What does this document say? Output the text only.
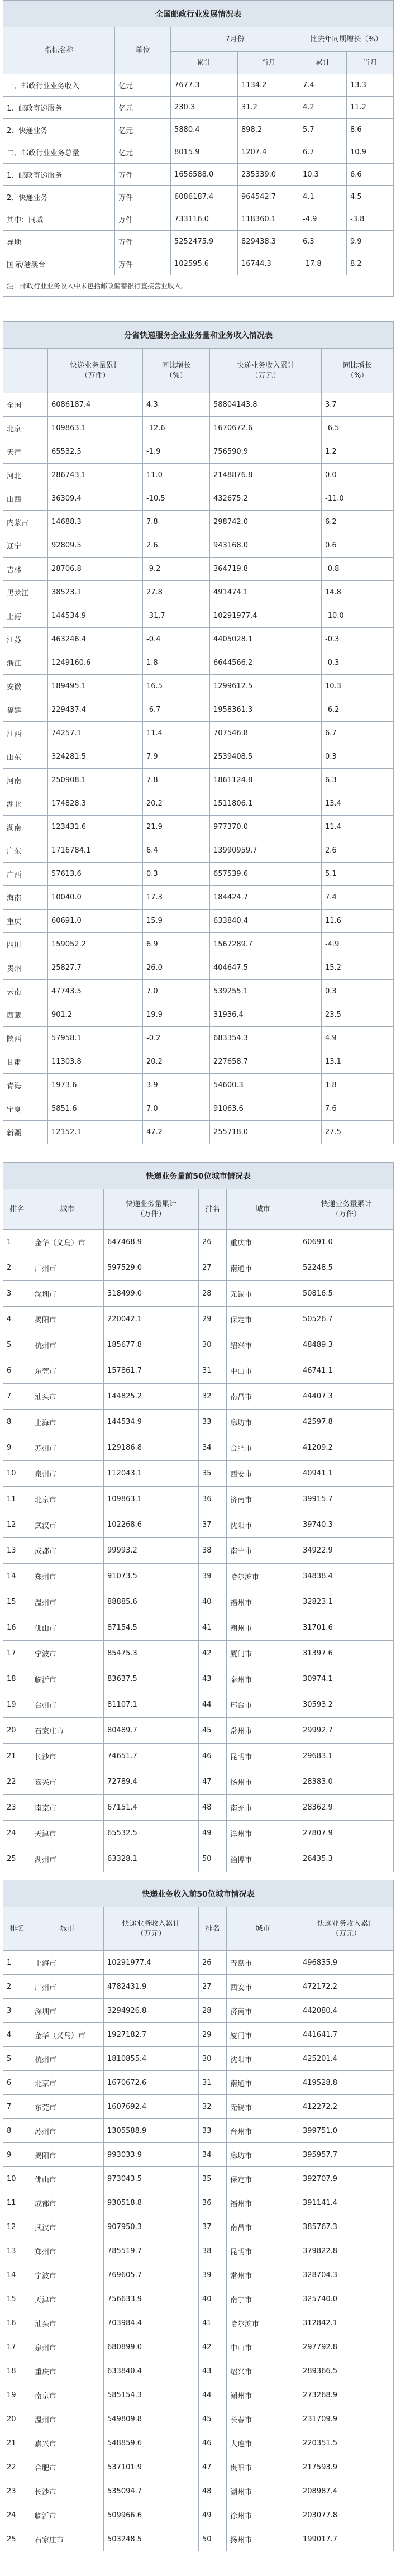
全国邮政行业发展情况表					
指标名称	单位	7月份		比去年同期增长（%）	
		累计	当月	累计	当月
一、邮政行业业务收入	亿元	7677.3	1134.2	7.4	13.3
1、邮政寄递服务	亿元	230.3	31.2	4.2	11.2
2、快递业务	亿元	5880.4	898.2	5.7	8.6
二、邮政行业业务总量	亿元	8015.9	1207.4	6.7	10.9
1、邮政寄递服务	万件	1656588.0	235339.0	10.3	6.6
2、快递业务	万件	6086187.4	964542.7	4.1	4.5
其中：同城	万件	733116.0	118360.1	-4.9	-3.8
异地	万件	5252475.9	829438.3	6.3	9.9
国际/港澳台	万件	102595.6	16744.3	-17.8	8.2
注：邮政行业业务收入中未包括邮政储蓄银行直接营业收入。					
分省快递服务企业业务量和业务收入情况表				
	快递业务量累计
（万件）	同比增长
（%）	快递业务收入累计
（万元）	同比增长
（%）
全国	6086187.4	4.3	58804143.8	3.7
北京	109863.1	-12.6	1670672.6	-6.5
天津	65532.5	-1.9	756590.9	1.2
河北	286743.1	11.0	2148876.8	0.0
山西	36309.4	-10.5	432675.2	-11.0
内蒙古	14688.3	7.8	298742.0	6.2
辽宁	92809.5	2.6	943168.0	0.6
吉林	28706.8	-9.2	364719.8	-0.8
黑龙江	38523.1	27.8	491474.1	14.8
上海	144534.9	-31.7	10291977.4	-10.0
江苏	463246.4	-0.4	4405028.1	-0.3
浙江	1249160.6	1.8	6644566.2	-0.3
安徽	189495.1	16.5	1299612.5	10.3
福建	229437.4	-6.7	1958361.3	-6.2
江西	74257.1	11.4	707546.8	6.7
山东	324281.5	7.9	2539408.5	0.3
河南	250908.1	7.8	1861124.8	6.3
湖北	174828.3	20.2	1511806.1	13.4
湖南	123431.6	21.9	977370.0	11.4
广东	1716784.1	6.4	13990959.7	2.6
广西	57613.6	0.3	657539.6	5.1
海南	10040.0	17.3	184424.7	7.4
重庆	60691.0	15.9	633840.4	11.6
四川	159052.2	6.9	1567289.7	-4.9
贵州	25827.7	26.0	404647.5	15.2
云南	47743.5	7.0	539255.1	0.3
西藏	901.2	19.9	31936.4	23.5
陕西	57958.1	-0.2	683354.3	4.9
甘肃	11303.8	20.2	227658.7	13.1
青海	1973.6	3.9	54600.3	1.8
宁夏	5851.6	7.0	91063.6	7.6
新疆	12152.1	47.2	255718.0	27.5
快递业务量前50位城市情况表					
排名	城市	快递业务量累计
（万件）	排名	城市	快递业务量累计
（万件）
1	金华（义乌）市	647468.9	26	重庆市	60691.0
2	广州市	597529.0	27	南通市	52248.5
3	深圳市	318499.0	28	无锡市	50816.5
4	揭阳市	220042.1	29	保定市	50526.7
5	杭州市	185677.8	30	绍兴市	48489.3
6	东莞市	157861.7	31	中山市	46741.1
7	汕头市	144825.2	32	南昌市	44407.3
8	上海市	144534.9	33	廊坊市	42597.8
9	苏州市	129186.8	34	合肥市	41209.2
10	泉州市	112043.1	35	西安市	40941.1
11	北京市	109863.1	36	济南市	39915.7
12	武汉市	102268.6	37	沈阳市	39740.3
13	成都市	99993.2	38	南宁市	34922.9
14	郑州市	91073.5	39	哈尔滨市	34838.4
15	温州市	88885.6	40	福州市	32823.1
16	佛山市	87154.5	41	潮州市	31701.6
17	宁波市	85475.3	42	厦门市	31397.6
18	临沂市	83637.5	43	泰州市	30974.1
19	台州市	81107.1	44	邢台市	30593.2
20	石家庄市	80489.7	45	常州市	29992.7
21	长沙市	74651.7	46	昆明市	29683.1
22	嘉兴市	72789.4	47	扬州市	28383.0
23	南京市	67151.4	48	南充市	28362.9
24	天津市	65532.5	49	漳州市	27807.9
25	湖州市	63328.1	50	淄博市	26435.3
快递业务收入前50位城市情况表					
排名	城市	快递业务收入累计
（万元）	排名	城市	快递业务收入累计
（万元）
1	上海市	10291977.4	26	青岛市	496835.9
2	广州市	4782431.9	27	西安市	472172.2
3	深圳市	3294926.8	28	济南市	442080.4
4	金华（义乌）市	1927182.7	29	厦门市	441641.7
5	杭州市	1810855.4	30	沈阳市	425201.4
6	北京市	1670672.6	31	南通市	419528.8
7	东莞市	1607692.4	32	无锡市	412272.2
8	苏州市	1305588.9	33	台州市	399751.0
9	揭阳市	993033.9	34	廊坊市	395957.7
10	佛山市	973043.5	35	保定市	392707.9
11	成都市	930518.8	36	福州市	391141.4
12	武汉市	907950.3	37	南昌市	385767.3
13	郑州市	785519.7	38	昆明市	379822.8
14	宁波市	769605.7	39	常州市	328704.3
15	天津市	756633.9	40	南宁市	325740.0
16	汕头市	703984.4	41	哈尔滨市	312842.1
17	泉州市	680899.0	42	中山市	297792.8
18	重庆市	633840.4	43	绍兴市	289366.5
19	南京市	585154.3	44	潮州市	273268.9
20	温州市	549809.8	45	长春市	231709.9
21	嘉兴市	548859.6	46	大连市	220351.5
22	合肥市	537101.9	47	贵阳市	217593.9
23	长沙市	535094.7	48	湖州市	208987.4
24	临沂市	509966.6	49	徐州市	203077.8
25	石家庄市	503248.5	50	扬州市	199017.7
